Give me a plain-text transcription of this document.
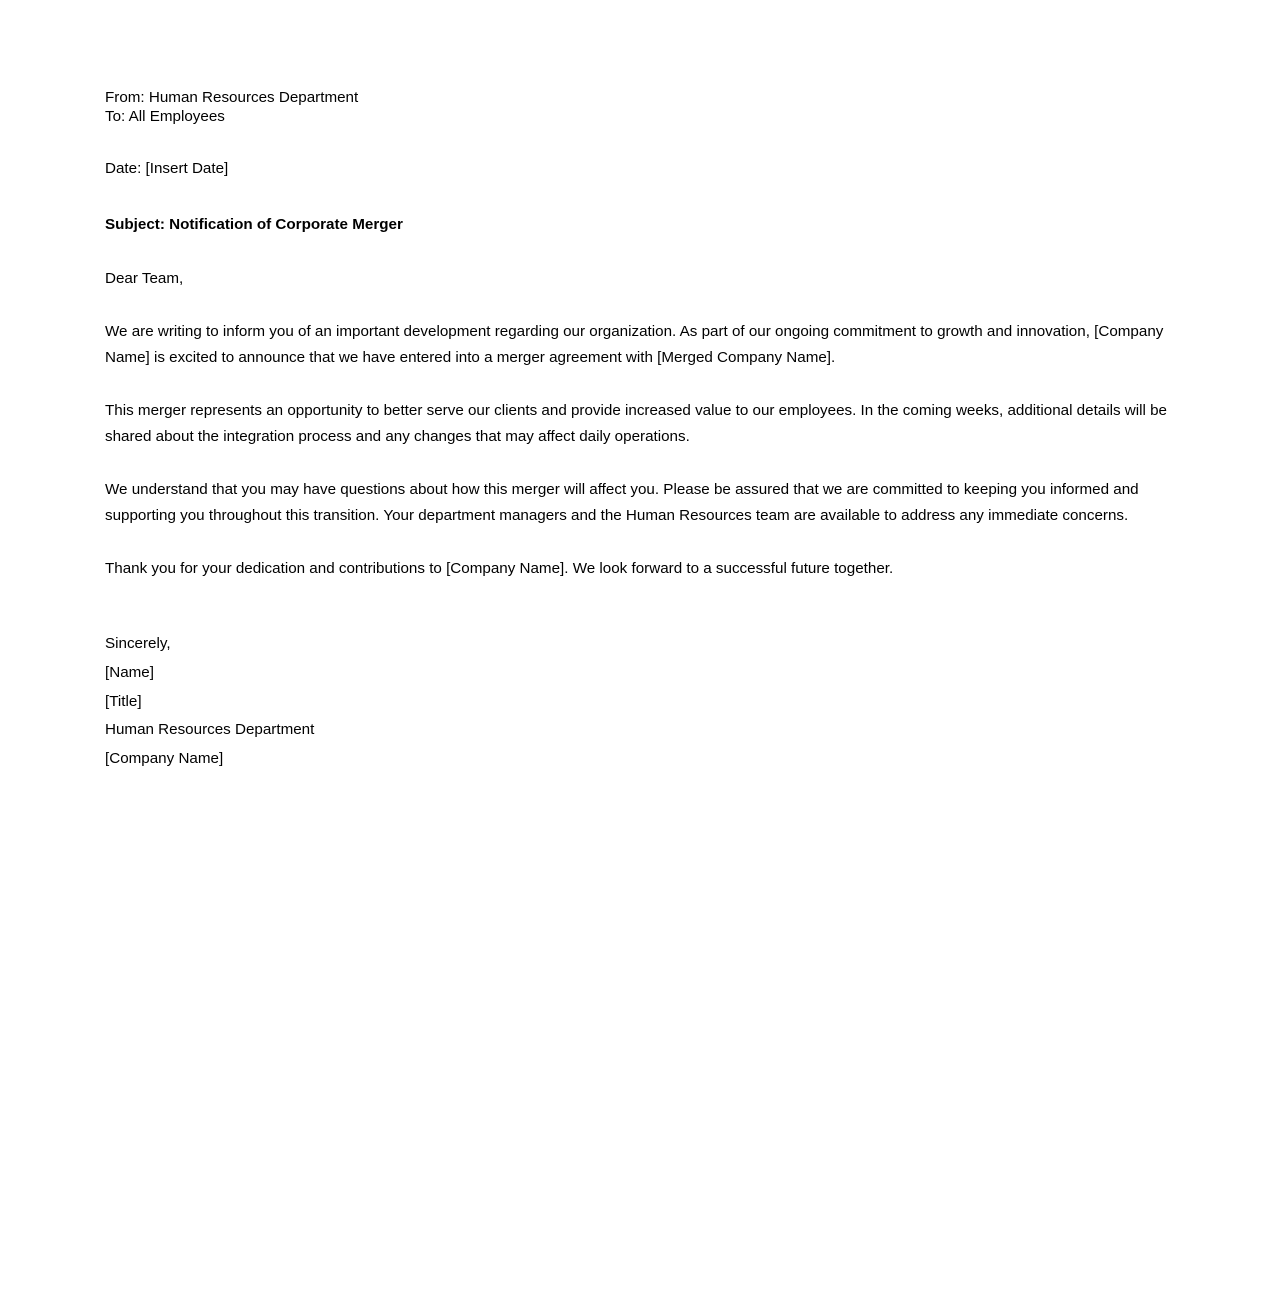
From: Human Resources Department

To: All Employees

Date: [Insert Date]

Subject: Notification of Corporate Merger

Dear Team,

We are writing to inform you of an important development regarding our organization. As part of our ongoing commitment to growth and innovation, [Company Name] is excited to announce that we have entered into a merger agreement with [Merged Company Name].

This merger represents an opportunity to better serve our clients and provide increased value to our employees. In the coming weeks, additional details will be shared about the integration process and any changes that may affect daily operations.

We understand that you may have questions about how this merger will affect you. Please be assured that we are committed to keeping you informed and supporting you throughout this transition. Your department managers and the Human Resources team are available to address any immediate concerns.

Thank you for your dedication and contributions to [Company Name]. We look forward to a successful future together.

Sincerely,

[Name]

[Title]

Human Resources Department

[Company Name]
